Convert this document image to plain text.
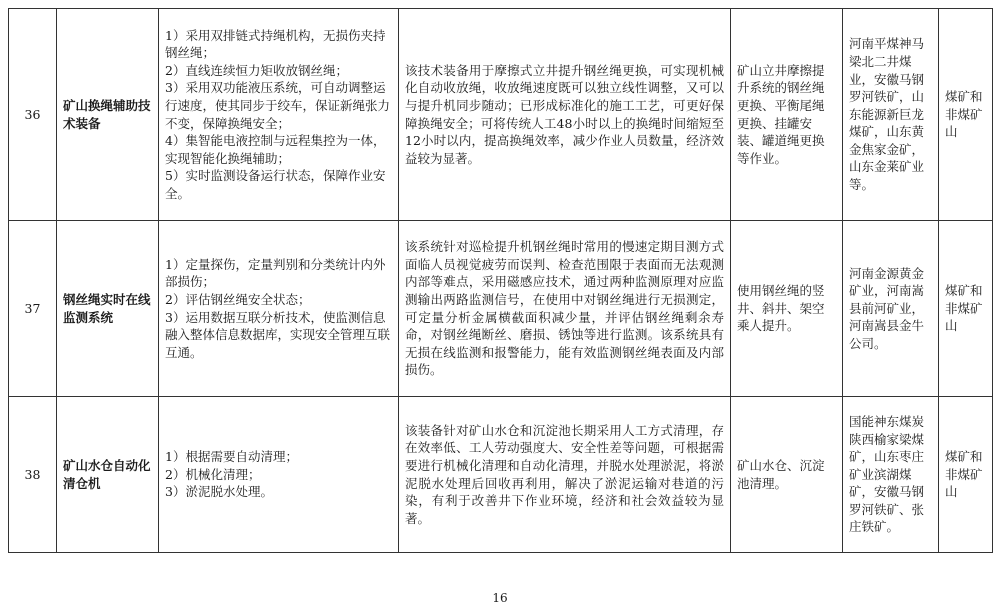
36	矿山换绳辅助技术装备	1）采用双排链式持绳机构，无损伤夹持钢丝绳；
2）直线连续恒力矩收放钢丝绳；
3）采用双功能液压系统，可自动调整运行速度，使其同步于绞车，保证新绳张力不变，保障换绳安全；
4）集智能电液控制与远程集控为一体，实现智能化换绳辅助；
5）实时监测设备运行状态，保障作业安全。	该技术装备用于摩擦式立井提升钢丝绳更换，可实现机械化自动收放绳，收放绳速度既可以独立线性调整，又可以与提升机同步随动；已形成标准化的施工工艺，可更好保障换绳安全；可将传统人工48小时以上的换绳时间缩短至12小时以内，提高换绳效率，减少作业人员数量，经济效益较为显著。	矿山立井摩擦提升系统的钢丝绳更换、平衡尾绳更换、挂罐安装、罐道绳更换等作业。	河南平煤神马梁北二井煤业，安徽马钢罗河铁矿，山东能源新巨龙煤矿，山东黄金焦家金矿，山东金莱矿业等。	煤矿和非煤矿山
37	钢丝绳实时在线监测系统	1）定量探伤，定量判别和分类统计内外部损伤；
2）评估钢丝绳安全状态；
3）运用数据互联分析技术，使监测信息融入整体信息数据库，实现安全管理互联互通。	该系统针对巡检提升机钢丝绳时常用的慢速定期目测方式面临人员视觉疲劳而误判、检查范围限于表面而无法观测内部等难点，采用磁感应技术，通过两种监测原理对应监测输出两路监测信号，在使用中对钢丝绳进行无损测定，可定量分析金属横截面积减少量，并评估钢丝绳剩余寿命，对钢丝绳断丝、磨损、锈蚀等进行监测。该系统具有无损在线监测和报警能力，能有效监测钢丝绳表面及内部损伤。	使用钢丝绳的竖井、斜井、架空乘人提升。	河南金源黄金矿业，河南嵩县前河矿业，河南嵩县金牛公司。	煤矿和非煤矿山
38	矿山水仓自动化清仓机	1）根据需要自动清理；
2）机械化清理；
3）淤泥脱水处理。	该装备针对矿山水仓和沉淀池长期采用人工方式清理，存在效率低、工人劳动强度大、安全性差等问题，可根据需要进行机械化清理和自动化清理，并脱水处理淤泥，将淤泥脱水处理后回收再利用，解决了淤泥运输对巷道的污染，有利于改善井下作业环境，经济和社会效益较为显著。	矿山水仓、沉淀池清理。	国能神东煤炭陕西榆家梁煤矿，山东枣庄矿业滨湖煤矿，安徽马钢罗河铁矿、张庄铁矿。	煤矿和非煤矿山
16
